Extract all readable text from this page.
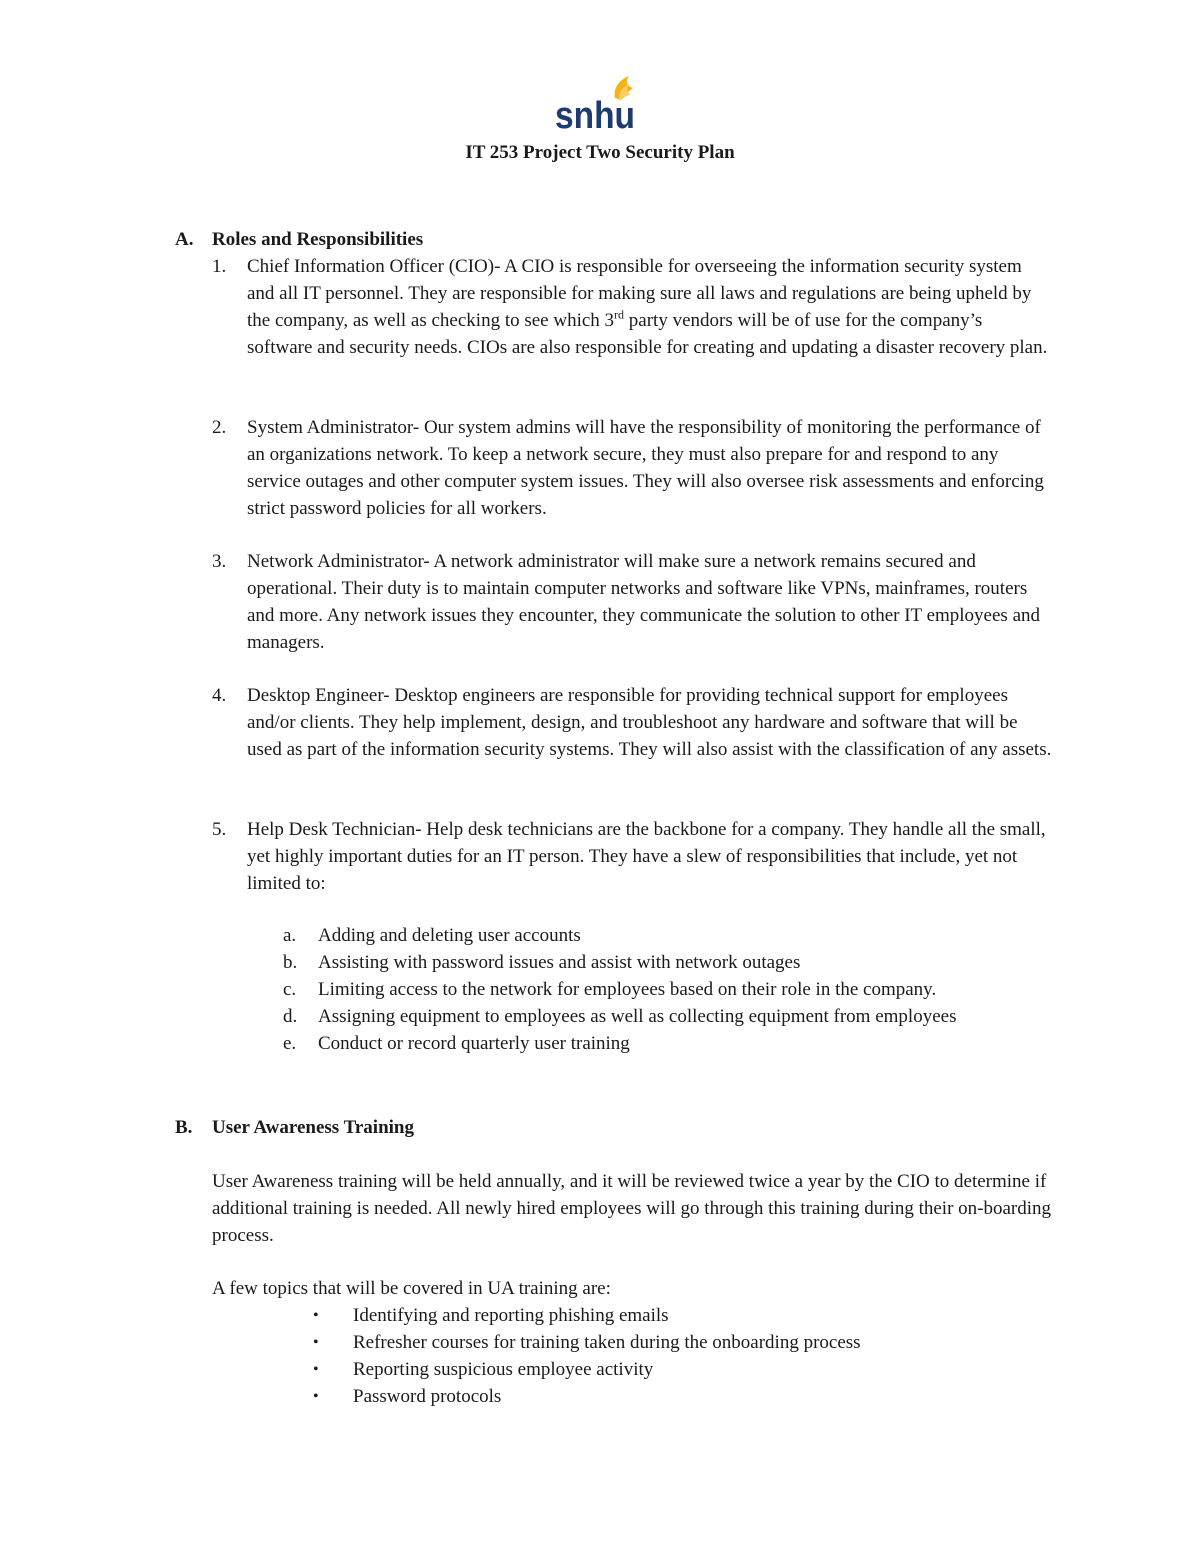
snhu
IT 253 Project Two Security Plan
A. Roles and Responsibilities
1. Chief Information Officer (CIO)- A CIO is responsible for overseeing the information security system and all IT personnel. They are responsible for making sure all laws and regulations are being upheld by the company, as well as checking to see which 3rd party vendors will be of use for the company’s software and security needs. CIOs are also responsible for creating and updating a disaster recovery plan.
2. System Administrator- Our system admins will have the responsibility of monitoring the performance of an organizations network. To keep a network secure, they must also prepare for and respond to any service outages and other computer system issues. They will also oversee risk assessments and enforcing strict password policies for all workers.
3. Network Administrator- A network administrator will make sure a network remains secured and operational. Their duty is to maintain computer networks and software like VPNs, mainframes, routers and more. Any network issues they encounter, they communicate the solution to other IT employees and managers.
4. Desktop Engineer- Desktop engineers are responsible for providing technical support for employees and/or clients. They help implement, design, and troubleshoot any hardware and software that will be used as part of the information security systems. They will also assist with the classification of any assets.
5. Help Desk Technician- Help desk technicians are the backbone for a company. They handle all the small, yet highly important duties for an IT person. They have a slew of responsibilities that include, yet not limited to:
a. Adding and deleting user accounts
b. Assisting with password issues and assist with network outages
c. Limiting access to the network for employees based on their role in the company.
d. Assigning equipment to employees as well as collecting equipment from employees
e. Conduct or record quarterly user training
B. User Awareness Training
User Awareness training will be held annually, and it will be reviewed twice a year by the CIO to determine if additional training is needed. All newly hired employees will go through this training during their on-boarding process.
A few topics that will be covered in UA training are:
• Identifying and reporting phishing emails
• Refresher courses for training taken during the onboarding process
• Reporting suspicious employee activity
• Password protocols
